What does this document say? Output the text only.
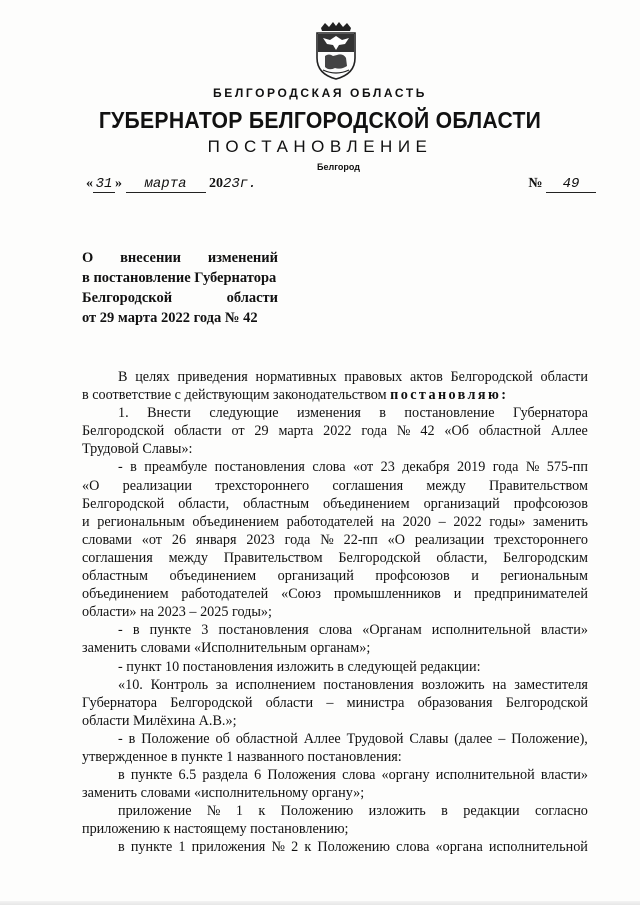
БЕЛГОРОДСКАЯ ОБЛАСТЬ
ГУБЕРНАТОР БЕЛГОРОДСКОЙ ОБЛАСТИ
ПОСТАНОВЛЕНИЕ
Белгород
« 31 » марта 2023г.	№ 49
О внесении изменений
в постановление Губернатора
Белгородской	области
от 29 марта 2022 года № 42
В целях приведения нормативных правовых актов Белгородской области
в соответствие с действующим законодательством
постановляю:
1. Внести следующие изменения в постановление Губернатора
Белгородской области от 29 марта 2022 года № 42 «Об областной Аллее
Трудовой Славы»:
- в преамбуле постановления слова «от 23 декабря 2019 года № 575-пп
«О реализации трехстороннего соглашения между Правительством
Белгородской области, областным объединением организаций профсоюзов
и региональным объединением работодателей на 2020 – 2022 годы» заменить
словами «от 26 января 2023 года № 22-пп «О реализации трехстороннего
соглашения между Правительством Белгородской области, Белгородским
областным объединением организаций профсоюзов и региональным
объединением работодателей «Союз промышленников и предпринимателей
области» на 2023 – 2025 годы»;
- в пункте 3 постановления слова «Органам исполнительной власти»
заменить словами «Исполнительным органам»;
- пункт 10 постановления изложить в следующей редакции:
«10. Контроль за исполнением постановления возложить на заместителя
Губернатора Белгородской области – министра образования Белгородской
области Милёхина А.В.»;
- в Положение об областной Аллее Трудовой Славы (далее – Положение),
утвержденное в пункте 1 названного постановления:
в пункте 6.5 раздела 6 Положения слова «органу исполнительной власти»
заменить словами «исполнительному органу»;
приложение № 1 к Положению изложить в редакции согласно
приложению к настоящему постановлению;
в пункте 1 приложения № 2 к Положению слова «органа исполнительной
